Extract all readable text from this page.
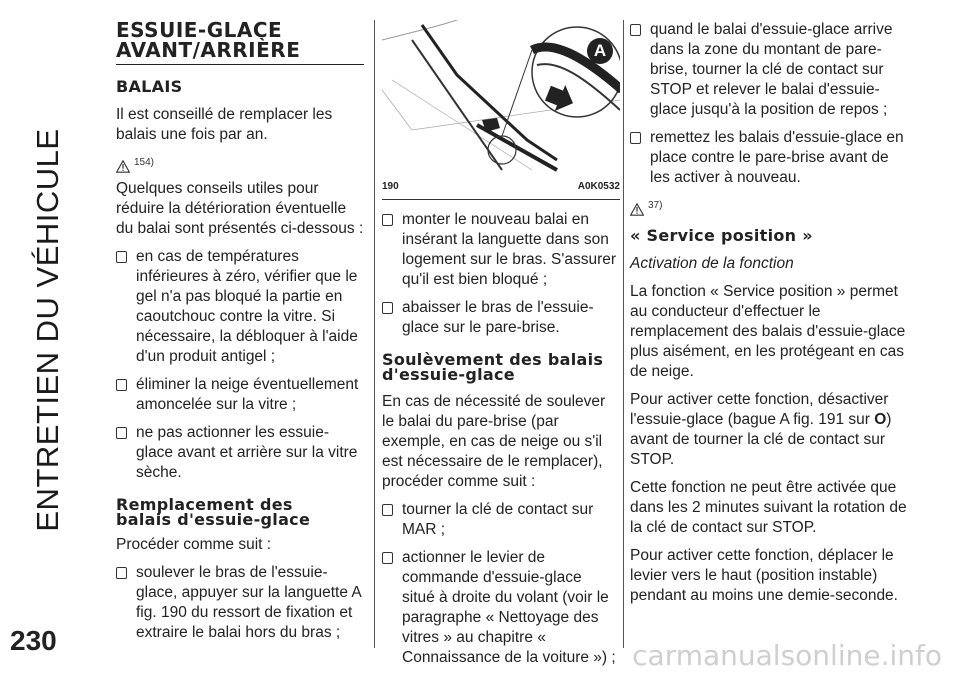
ENTRETIEN DU VÉHICULE
230	carmanualsonline.info
ESSUIE-GLACE
AVANT/ARRIÈRE
BALAIS

Il est conseillé de remplacer les balais une fois par an.

154)

Quelques conseils utiles pour réduire la détérioration éventuelle du balai sont présentés ci-dessous :

en cas de températures inférieures à zéro, vérifier que le gel n'a pas bloqué la partie en caoutchouc contre la vitre. Si nécessaire, la débloquer à l'aide d'un produit antigel ;
éliminer la neige éventuellement amoncelée sur la vitre ;
ne pas actionner les essuie-glace avant et arrière sur la vitre sèche.
Remplacement des
balais d'essuie-glace

Procéder comme suit :

soulever le bras de l'essuie-glace, appuyer sur la languette A fig. 190 du ressort de fixation et extraire le balai hors du bras ;
A
190	A0K0532
monter le nouveau balai en insérant la languette dans son logement sur le bras. S'assurer qu'il est bien bloqué ;
abaisser le bras de l'essuie-glace sur le pare-brise.
Soulèvement des balais
d'essuie-glace

En cas de nécessité de soulever le balai du pare-brise (par exemple, en cas de neige ou s'il est nécessaire de le remplacer), procéder comme suit :

tourner la clé de contact sur MAR ;
actionner le levier de commande d'essuie-glace situé à droite du volant (voir le paragraphe « Nettoyage des vitres » au chapitre « Connaissance de la voiture ») ;
quand le balai d'essuie-glace arrive dans la zone du montant de pare-brise, tourner la clé de contact sur STOP et relever le balai d'essuie-glace jusqu'à la position de repos ;
remettez les balais d'essuie-glace en place contre le pare-brise avant de les activer à nouveau.
37)
« Service position »

Activation de la fonction

La fonction « Service position » permet au conducteur d'effectuer le remplacement des balais d'essuie-glace plus aisément, en les protégeant en cas de neige.

Pour activer cette fonction, désactiver l'essuie-glace (bague A fig. 191 sur O) avant de tourner la clé de contact sur STOP.

Cette fonction ne peut être activée que dans les 2 minutes suivant la rotation de la clé de contact sur STOP.

Pour activer cette fonction, déplacer le levier vers le haut (position instable) pendant au moins une demie-seconde.
